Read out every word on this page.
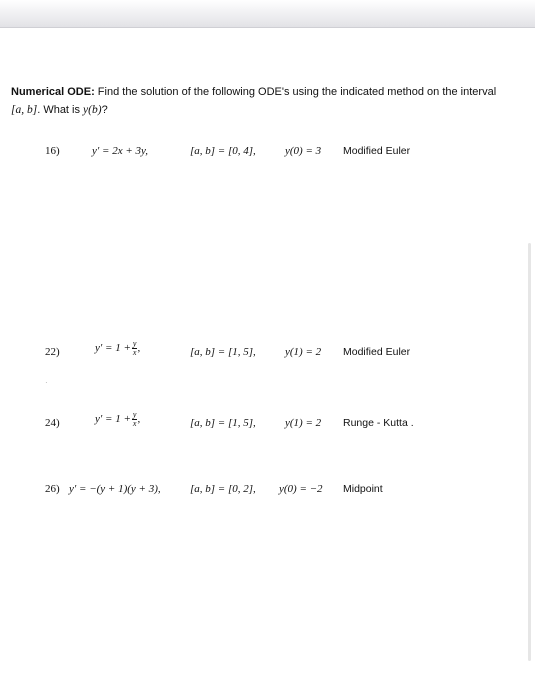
Numerical ODE: Find the solution of the following ODE's using the indicated method on the interval
[a, b]. What is y(b)?
16)	y′ = 2x + 3y,	[a, b] = [0, 4],	y(0) = 3 Modified Euler
22)	$y' = 1 + \frac{y}{x}$ ,	[a, b] = [1, 5],	y(1) = 2 Modified Euler
·
24)	$y' = 1 + \frac{y}{x}$ ,	[a, b] = [1, 5],	y(1) = 2 Runge - Kutta .
26) y′ = −(y + 1)(y + 3),	[a, b] = [0, 2], y(0) = −2 Midpoint
